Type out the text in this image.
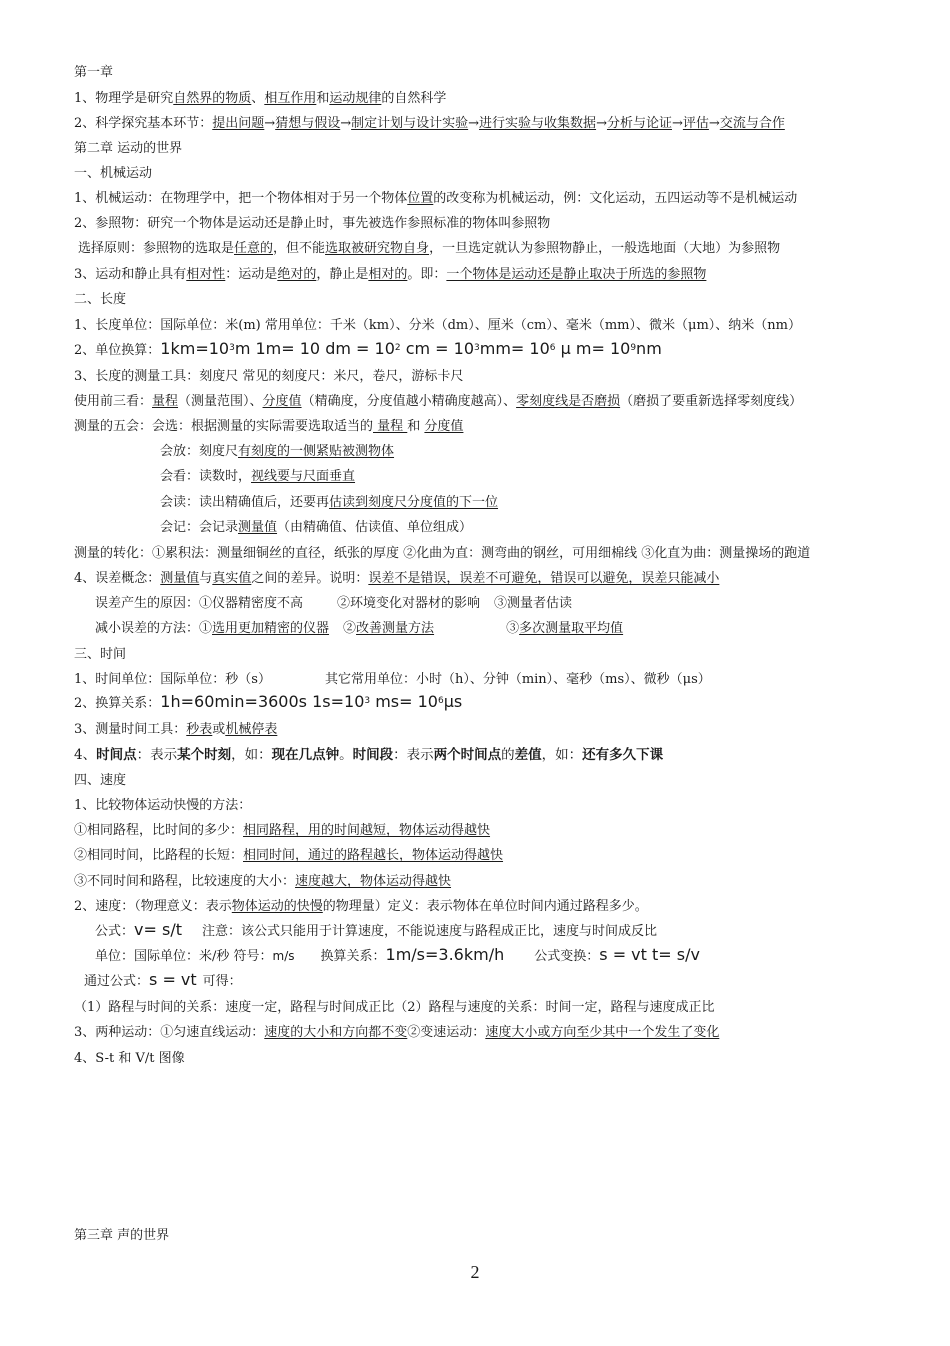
第一章
1、物理学是研究自然界的物质、相互作用和运动规律的自然科学
2、科学探究基本环节：提出问题→猜想与假设→制定计划与设计实验→进行实验与收集数据→分析与论证→评估→交流与合作
第二章 运动的世界
一、机械运动
1、机械运动：在物理学中，把一个物体相对于另一个物体位置的改变称为机械运动，例：文化运动，五四运动等不是机械运动
2、参照物：研究一个物体是运动还是静止时，事先被选作参照标准的物体叫参照物
选择原则：参照物的选取是任意的，但不能选取被研究物自身，一旦选定就认为参照物静止，一般选地面（大地）为参照物
3、运动和静止具有相对性：运动是绝对的，静止是相对的。即：一个物体是运动还是静止取决于所选的参照物
二、长度
1、长度单位：国际单位：米(m) 常用单位：千米（km）、分米（dm）、厘米（cm）、毫米（mm）、微米（μm）、纳米（nm）
2、单位换算：$1km=10^3m$ 1m= 10 dm = $10^2$ cm = $10^3mm= 10^6$ μ $m= 10^9nm$
3、长度的测量工具：刻度尺 常见的刻度尺：米尺，卷尺，游标卡尺
使用前三看：量程（测量范围）、分度值（精确度，分度值越小精确度越高）、零刻度线是否磨损（磨损了要重新选择零刻度线）
测量的五会：会选：根据测量的实际需要选取适当的 量程 和 分度值
会放：刻度尺有刻度的一侧紧贴被测物体
会看：读数时，视线要与尺面垂直
会读：读出精确值后，还要再估读到刻度尺分度值的下一位
会记：会记录测量值（由精确值、估读值、单位组成）
测量的转化：①累积法：测量细铜丝的直径，纸张的厚度 ②化曲为直：测弯曲的钢丝，可用细棉线 ③化直为曲：测量操场的跑道
4、误差概念：测量值与真实值之间的差异。说明：误差不是错误，误差不可避免，错误可以避免，误差只能减小
误差产生的原因：①仪器精密度不高	②环境变化对器材的影响 ③测量者估读
减小误差的方法：①选用更加精密的仪器 ②改善测量方法	③多次测量取平均值
三、时间
1、时间单位：国际单位：秒（s）	其它常用单位：小时（h）、分钟（min）、毫秒（ms）、微秒（μs）
2、换算关系：1h=60min=3600s $1s=10^3$ $ms= 10^6\mu s$
3、测量时间工具：秒表或机械停表
4、时间点：表示某个时刻，如：现在几点钟。时间段：表示两个时间点的差值，如：还有多久下课
四、速度
1、比较物体运动快慢的方法：
①相同路程，比时间的多少：相同路程，用的时间越短，物体运动得越快
②相同时间，比路程的长短：相同时间，通过的路程越长，物体运动得越快
③不同时间和路程，比较速度的大小：速度越大，物体运动得越快
2、速度：（物理意义：表示物体运动的快慢的物理量）定义：表示物体在单位时间内通过路程多少。
公式：v= s/t 注意：该公式只能用于计算速度，不能说速度与路程成正比，速度与时间成反比
单位：国际单位：米/秒 符号：m/s 换算关系：1m/s=3.6km/h 公式变换：s = vt t= s/v
通过公式：s = vt 可得：
（1）路程与时间的关系：速度一定，路程与时间成正比（2）路程与速度的关系：时间一定，路程与速度成正比
3、两种运动：①匀速直线运动：速度的大小和方向都不变②变速运动：速度大小或方向至少其中一个发生了变化
4、S-t 和 V/t 图像
第三章 声的世界
2
